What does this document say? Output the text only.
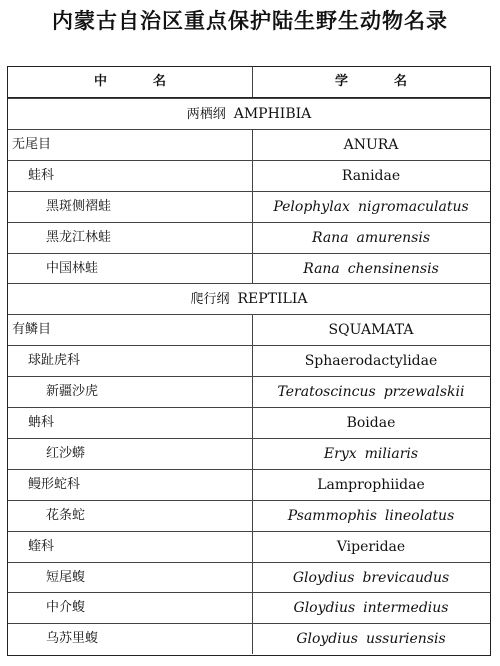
内蒙古自治区重点保护陆生野生动物名录
中名	学名
两栖纲 AMPHIBIA
无尾目	ANURA
蛙科	Ranidae
黑斑侧褶蛙	Pelophylax nigromaculatus
黑龙江林蛙	Rana amurensis
中国林蛙	Rana chensinensis
爬行纲 REPTILIA
有鳞目	SQUAMATA
球趾虎科	Sphaerodactylidae
新疆沙虎	Teratoscincus przewalskii
蚺科	Boidae
红沙蟒	Eryx miliaris
鳗形蛇科	Lamprophiidae
花条蛇	Psammophis lineolatus
蝰科	Viperidae
短尾蝮	Gloydius brevicaudus
中介蝮	Gloydius intermedius
乌苏里蝮	Gloydius ussuriensis
